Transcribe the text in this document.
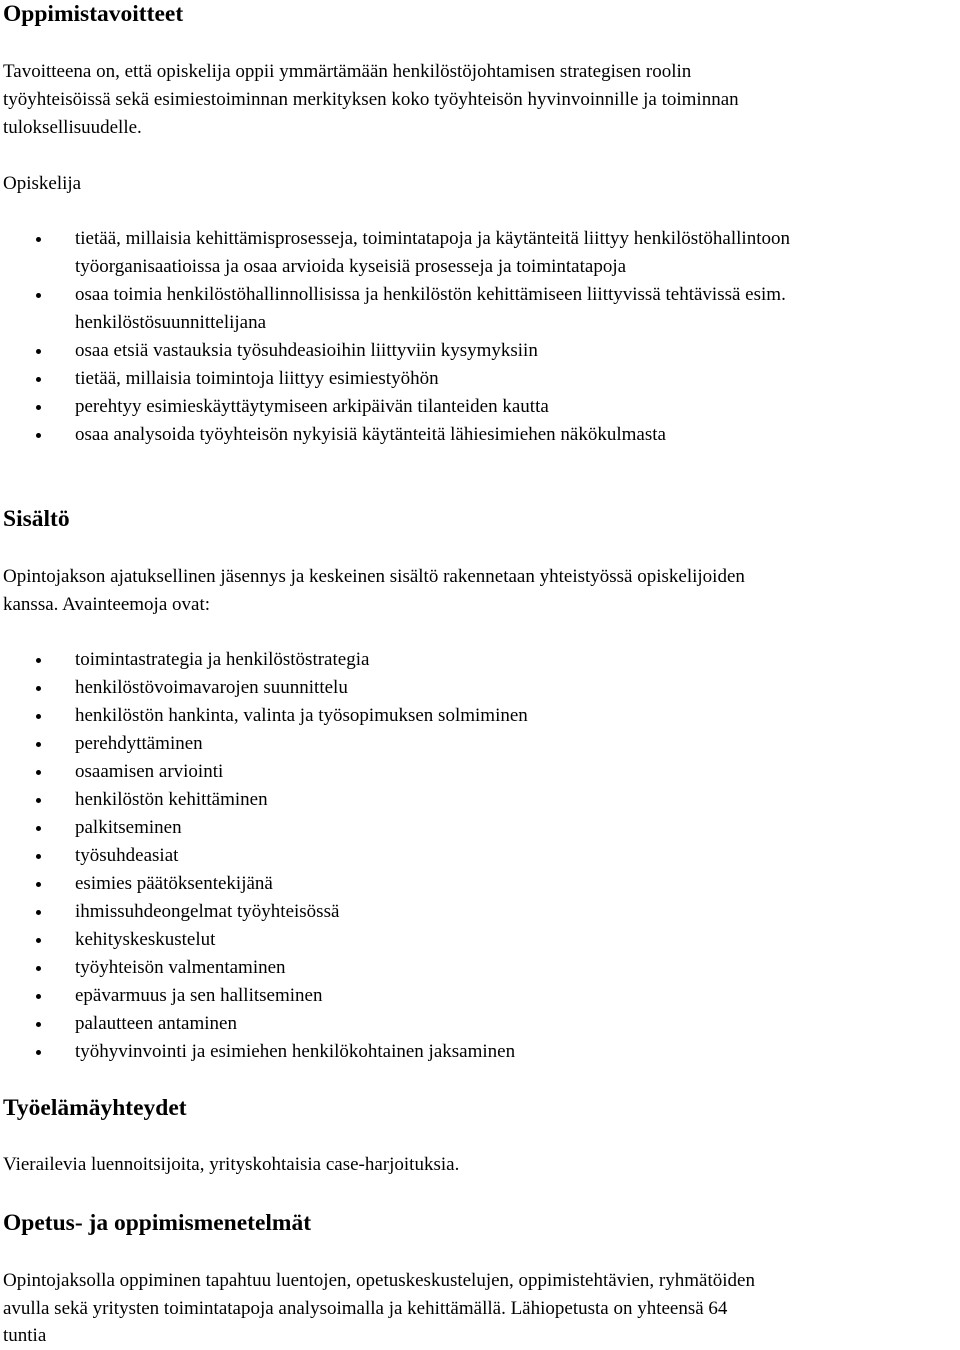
Oppimistavoitteet

Tavoitteena on, että opiskelija oppii ymmärtämään henkilöstöjohtamisen strategisen roolin

työyhteisöissä sekä esimiestoiminnan merkityksen koko työyhteisön hyvinvoinnille ja toiminnan

tuloksellisuudelle.

Opiskelija

tietää, millaisia kehittämisprosesseja, toimintatapoja ja käytänteitä liittyy henkilöstöhallintoon työorganisaatioissa ja osaa arvioida kyseisiä prosesseja ja toimintatapoja
osaa toimia henkilöstöhallinnollisissa ja henkilöstön kehittämiseen liittyvissä tehtävissä esim. henkilöstösuunnittelijana
osaa etsiä vastauksia työsuhdeasioihin liittyviin kysymyksiin
tietää, millaisia toimintoja liittyy esimiestyöhön
perehtyy esimieskäyttäytymiseen arkipäivän tilanteiden kautta
osaa analysoida työyhteisön nykyisiä käytänteitä lähiesimiehen näkökulmasta
Sisältö

Opintojakson ajatuksellinen jäsennys ja keskeinen sisältö rakennetaan yhteistyössä opiskelijoiden

kanssa. Avainteemoja ovat:

toimintastrategia ja henkilöstöstrategia
henkilöstövoimavarojen suunnittelu
henkilöstön hankinta, valinta ja työsopimuksen solmiminen
perehdyttäminen
osaamisen arviointi
henkilöstön kehittäminen
palkitseminen
työsuhdeasiat
esimies päätöksentekijänä
ihmissuhdeongelmat työyhteisössä
kehityskeskustelut
työyhteisön valmentaminen
epävarmuus ja sen hallitseminen
palautteen antaminen
työhyvinvointi ja esimiehen henkilökohtainen jaksaminen
Työelämäyhteydet

Vierailevia luennoitsijoita, yrityskohtaisia case-harjoituksia.

Opetus- ja oppimismenetelmät

Opintojaksolla oppiminen tapahtuu luentojen, opetuskeskustelujen, oppimistehtävien, ryhmätöiden

avulla sekä yritysten toimintatapoja analysoimalla ja kehittämällä. Lähiopetusta on yhteensä 64

tuntia
